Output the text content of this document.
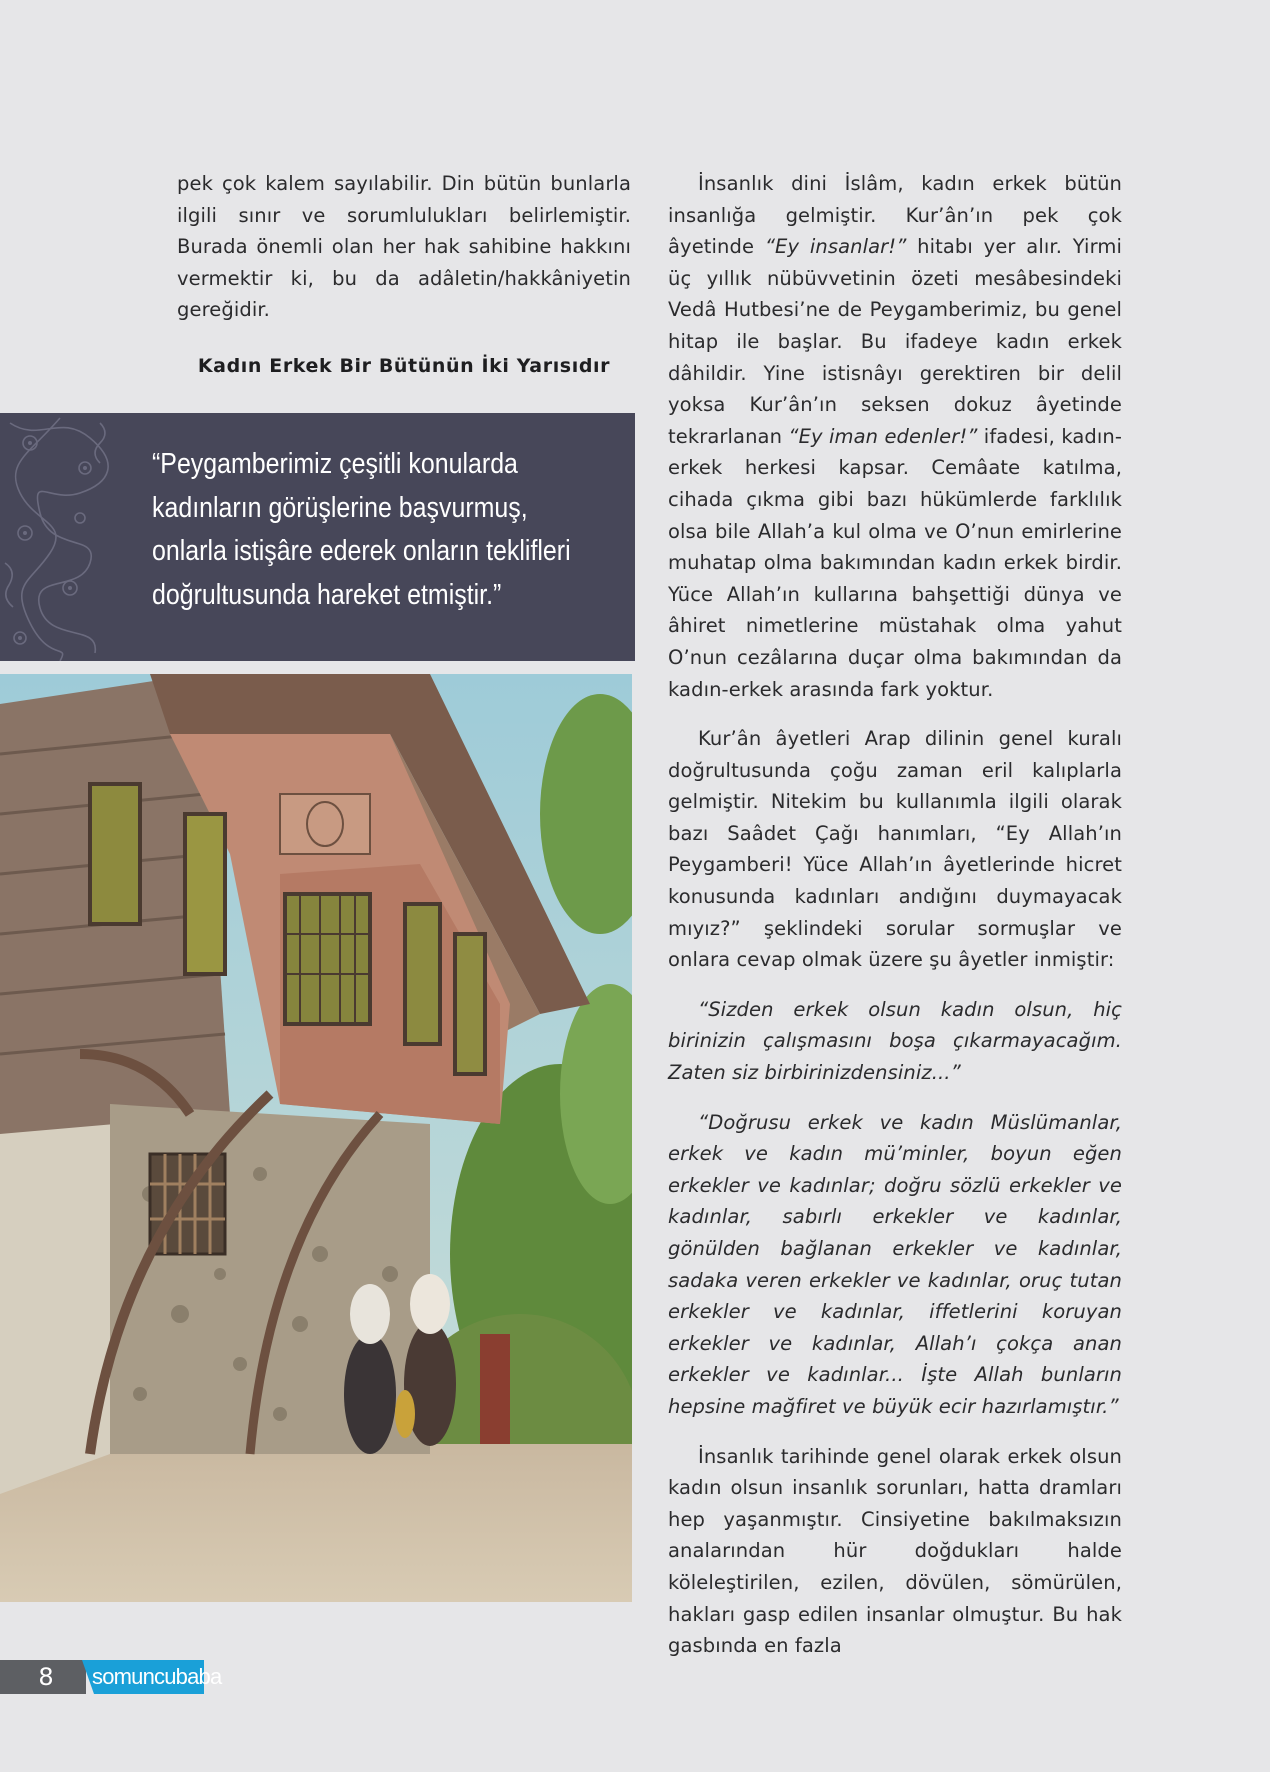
pek çok kalem sayılabilir. Din bütün bunlarla ilgili sınır ve sorumlulukları belirlemiştir. Burada önemli olan her hak sahibine hakkını vermektir ki, bu da adâletin/hakkâniyetin gereğidir.

Kadın Erkek Bir Bütünün İki Yarısıdır
“Peygamberimiz çeşitli konularda kadınların görüşlerine başvurmuş, onlarla istişâre ederek onların teklifleri doğrultusunda hareket etmiştir.”

İnsanlık dini İslâm, kadın erkek bütün insanlığa gelmiştir. Kur’ân’ın pek çok âyetinde “Ey insanlar!” hitabı yer alır. Yirmi üç yıllık nübüvvetinin özeti mesâbesindeki Vedâ Hutbesi’ne de Peygamberimiz, bu genel hitap ile başlar. Bu ifadeye kadın erkek dâhildir. Yine istisnâyı gerektiren bir delil yoksa Kur’ân’ın seksen dokuz âyetinde tekrarlanan “Ey iman edenler!” ifadesi, kadın-erkek herkesi kapsar. Cemâate katılma, cihada çıkma gibi bazı hükümlerde farklılık olsa bile Allah’a kul olma ve O’nun emirlerine muhatap olma bakımından kadın erkek birdir. Yüce Allah’ın kullarına bahşettiği dünya ve âhiret nimetlerine müstahak olma yahut O’nun cezâlarına duçar olma bakımından da kadın-erkek arasında fark yoktur.

Kur’ân âyetleri Arap dilinin genel kuralı doğrultusunda çoğu zaman eril kalıplarla gelmiştir. Nitekim bu kullanımla ilgili olarak bazı Saâdet Çağı hanımları, “Ey Allah’ın Peygamberi! Yüce Allah’ın âyetlerinde hicret konusunda kadınları andığını duymayacak mıyız?” şeklindeki sorular sormuşlar ve onlara cevap olmak üzere şu âyetler inmiştir:

“Sizden erkek olsun kadın olsun, hiç birinizin çalışmasını boşa çıkarmayacağım. Zaten siz birbirinizdensiniz...”

“Doğrusu erkek ve kadın Müslümanlar, erkek ve kadın mü’minler, boyun eğen erkekler ve kadınlar; doğru sözlü erkekler ve kadınlar, sabırlı erkekler ve kadınlar, gönülden bağlanan erkekler ve kadınlar, sadaka veren erkekler ve kadınlar, oruç tutan erkekler ve kadınlar, iffetlerini koruyan erkekler ve kadınlar, Allah’ı çokça anan erkekler ve kadınlar... İşte Allah bunların hepsine mağfiret ve büyük ecir hazırlamıştır.”

İnsanlık tarihinde genel olarak erkek olsun kadın olsun insanlık sorunları, hatta dramları hep yaşanmıştır. Cinsiyetine bakılmaksızın analarından hür doğdukları halde köleleştirilen, ezilen, dövülen, sömürülen, hakları gasp edilen insanlar olmuştur. Bu hak gasbında en fazla

8	somuncubaba
